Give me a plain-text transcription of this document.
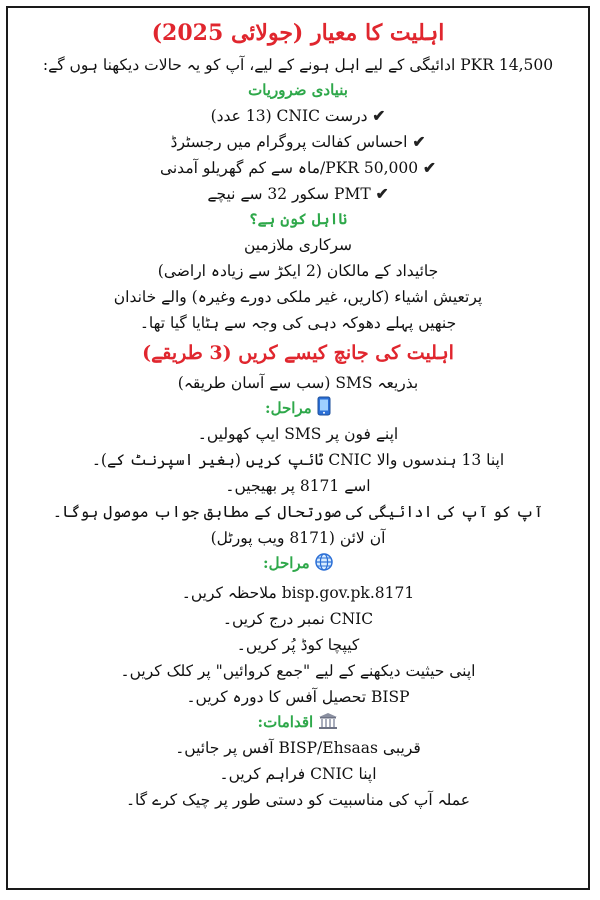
اہلیت کا معیار (جولائی 2025)
PKR 14,500 ادائیگی کے لیے اہل ہونے کے لیے، آپ کو یہ حالات دیکھنا ہوں گے:
بنیادی ضروریات
✔ درست CNIC (13 عدد)
✔ احساس کفالت پروگرام میں رجسٹرڈ
✔ PKR 50,000/ماہ سے کم گھریلو آمدنی
✔ PMT سکور 32 سے نیچے
نااہل کون ہے؟
سرکاری ملازمین
جائیداد کے مالکان (2 ایکڑ سے زیادہ اراضی)
پرتعیش اشیاء (کاریں، غیر ملکی دورے وغیرہ) والے خاندان
جنھیں پہلے دھوکہ دہی کی وجہ سے ہٹایا گیا تھا۔
اہلیت کی جانچ کیسے کریں (3 طریقے)
بذریعہ SMS (سب سے آسان طریقہ)
مراحل:
اپنے فون پر SMS ایپ کھولیں۔
اپنا 13 ہندسوں والا CNIC ٹائپ کریں (بغیر اسپرنٹ کے)۔
اسے 8171 پر بھیجیں۔
آپ کو آپ کی ادائیگی کی صورتحال کے مطابق جواب موصول ہوگا۔
آن لائن (8171 ویب پورٹل)
مراحل:
bisp.gov.pk.8171 ملاحظہ کریں۔
CNIC نمبر درج کریں۔
کیپچا کوڈ پُر کریں۔
اپنی حیثیت دیکھنے کے لیے "جمع کروائیں" پر کلک کریں۔
BISP تحصیل آفس کا دورہ کریں۔
اقدامات:
قریبی BISP/Ehsaas آفس پر جائیں۔
اپنا CNIC فراہم کریں۔
عملہ آپ کی مناسبیت کو دستی طور پر چیک کرے گا۔
